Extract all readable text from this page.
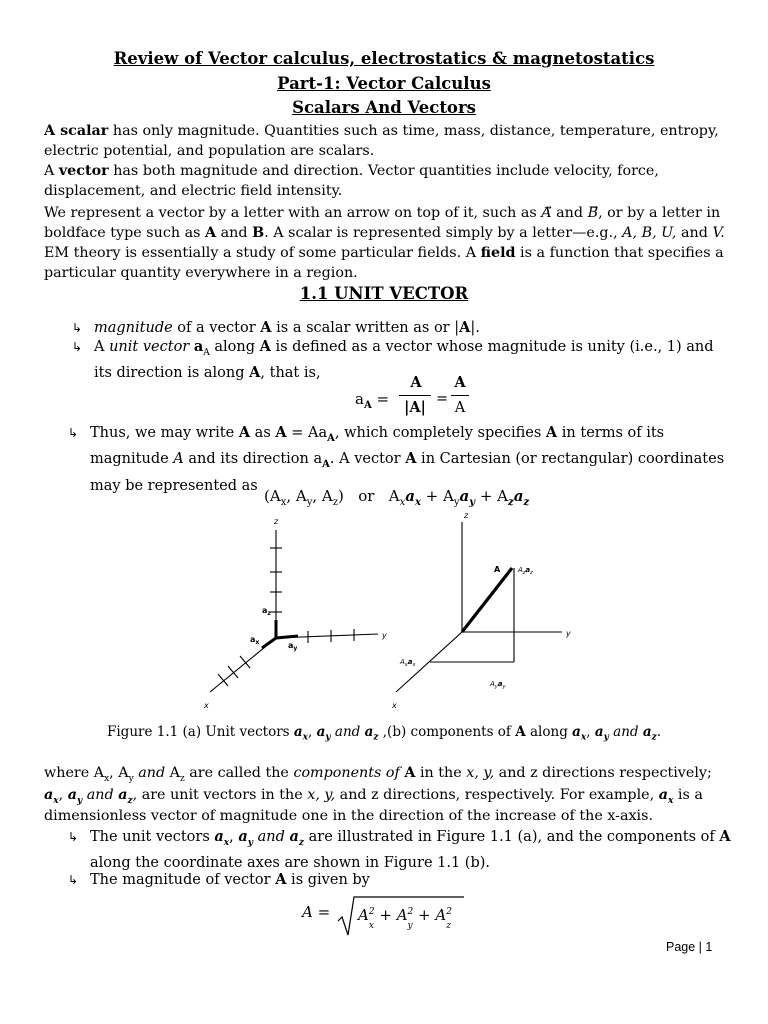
Review of Vector calculus, electrostatics & magnetostatics
Part-1: Vector Calculus
Scalars And Vectors
A scalar has only magnitude. Quantities such as time, mass, distance, temperature, entropy, electric potential, and population are scalars.
A vector has both magnitude and direction. Vector quantities include velocity, force, displacement, and electric field intensity.
We represent a vector by a letter with an arrow on top of it, such as A and B, or by a letter in boldface type such as A and B. A scalar is represented simply by a letter—e.g., A, B, U, and V.
EM theory is essentially a study of some particular fields. A field is a function that specifies a particular quantity everywhere in a region.
1.1 UNIT VECTOR
↳ magnitude of a vector A is a scalar written as or |A|.
↳ A unit vector $a_A$ along A is defined as a vector whose magnitude is unity (i.e., 1) and its direction is along A, that is,
$a_A$ =
A
|A| =
A
A
↳ Thus, we may write A as $A = Aa_A$, which completely specifies A in terms of its magnitude A and its direction $a_A$. A vector A in Cartesian (or rectangular) coordinates may be represented as
($A_x$, $A_y$, $A_z$)   or $A_xa_x + A_ya_y + A_za_z$
z
y
x
$a_z$
$a_y$
$a_x$
z
y
x
A	$A_za_z$
$A_xa_x$
$A_ya_y$
Figure 1.1 (a) Unit vectors $a_x$, $a_y$ and $a_z$ ,(b) components of A along $a_x$, $a_y$ and $a_z$.
where $A_x$, $A_y$ and $A_z$ are called the components of A in the x, y, and z directions respectively;
$a_x$, $a_y$ and $a_z$, are unit vectors in the x, y, and z directions, respectively. For example, $a_x$ is a
dimensionless vector of magnitude one in the direction of the increase of the x-axis.
↳ The unit vectors $a_x$, $a_y$ and $a_z$ are illustrated in Figure 1.1 (a), and the components of A
along the coordinate axes are shown in Figure 1.1 (b).
↳ The magnitude of vector A is given by
$A = A^2$
x
+ $A^2$
y
+ $A^2$
z
Page | 1
